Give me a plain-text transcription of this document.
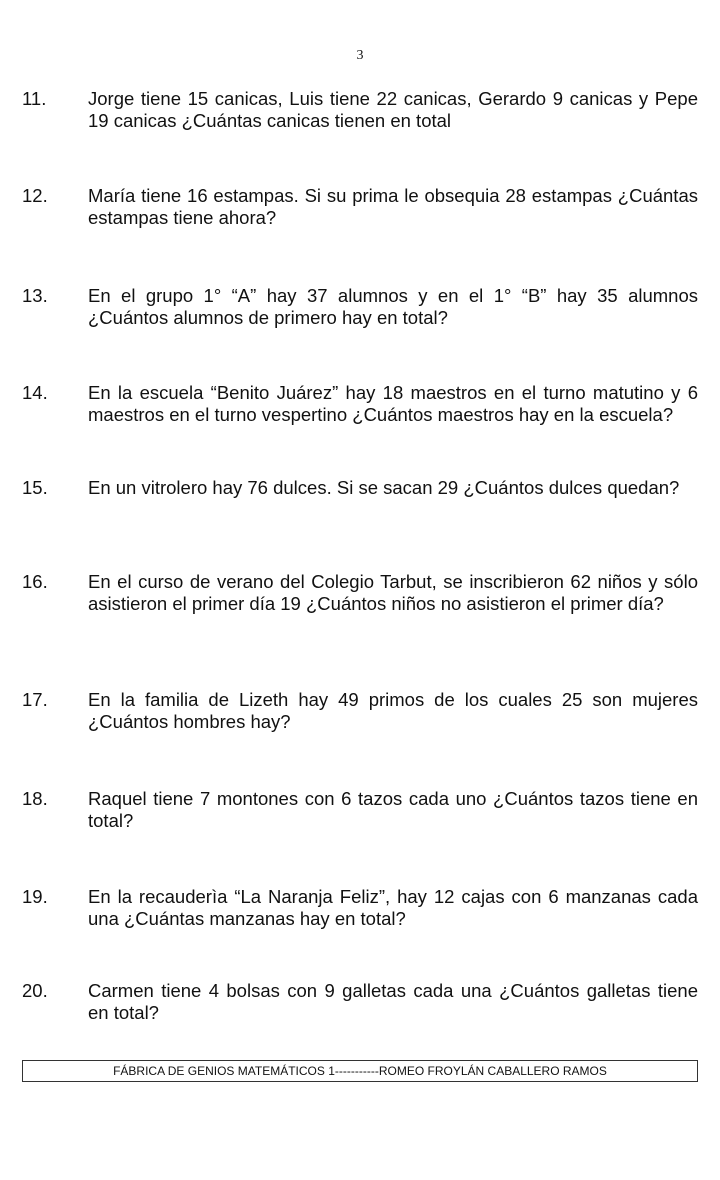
3
11.	Jorge tiene 15 canicas, Luis tiene 22 canicas, Gerardo 9 canicas y Pepe 19 canicas ¿Cuántas canicas tienen en total
12.	María tiene 16 estampas. Si su prima le obsequia 28 estampas ¿Cuántas estampas tiene ahora?
13.	En el grupo 1° “A” hay 37 alumnos y en el 1° “B” hay 35 alumnos ¿Cuántos alumnos de primero hay en total?
14.	En la escuela “Benito Juárez” hay 18 maestros en el turno matutino y 6 maestros en el turno vespertino ¿Cuántos maestros hay en la escuela?
15.	En un vitrolero hay 76 dulces. Si se sacan 29 ¿Cuántos dulces quedan?
16.	En el curso de verano del Colegio Tarbut, se inscribieron 62 niños y sólo asistieron el primer día 19 ¿Cuántos niños no asistieron el primer día?
17.	En la familia de Lizeth hay 49 primos de los cuales 25 son mujeres ¿Cuántos hombres hay?
18.	Raquel tiene 7 montones con 6 tazos cada uno ¿Cuántos tazos tiene en total?
19.	En la recauderìa “La Naranja Feliz”, hay 12 cajas con 6 manzanas cada una ¿Cuántas manzanas hay en total?
20.	Carmen tiene 4 bolsas con 9 galletas cada una ¿Cuántos galletas tiene en total?
FÁBRICA DE GENIOS MATEMÁTICOS 1-----------ROMEO FROYLÁN CABALLERO RAMOS
